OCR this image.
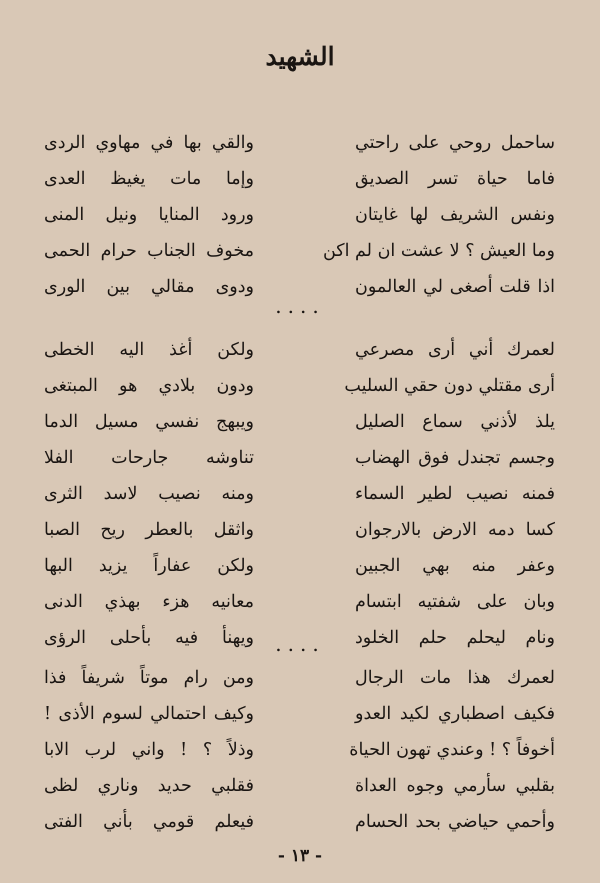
الشهيد
ساحمل روحي على راحتي
والقي بها في مهاوي الردى
فاما حياة تسر الصديق
وإما مات يغيظ العدى
ونفس الشريف لها غايتان
ورود المنايا ونيل المنى
وما العيش ؟ لا عشت ان لم اكن
مخوف الجناب حرام الحمى
اذا قلت أصغى لي العالمون
ودوى مقالي بين الورى
....
لعمرك أني أرى مصرعي
ولكن أغذ اليه الخطى
أرى مقتلي دون حقي السليب
ودون بلادي هو المبتغى
يلذ لأذني سماع الصليل
ويبهج نفسي مسيل الدما
وجسم تجندل فوق الهضاب
تناوشه جارحات الفلا
فمنه نصيب لطير السماء
ومنه نصيب لاسد الثرى
كسا دمه الارض بالارجوان
واثقل بالعطر ريح الصبا
وعفر منه بهي الجبين
ولكن عفاراً يزيد البها
وبان على شفتيه ابتسام
معانيه هزء بهذي الدنى
ونام ليحلم حلم الخلود
ويهنأ فيه بأحلى الرؤى	....
لعمرك هذا مات الرجال
ومن رام موتاً شريفاً فذا
فكيف اصطباري لكيد العدو
وكيف احتمالي لسوم الأذى !
أخوفاً ؟ ! وعندي تهون الحياة
وذلاً ؟ ! واني لرب الابا
بقلبي سأرمي وجوه العداة
فقلبي حديد وناري لظى
وأحمي حياضي بحد الحسام
فيعلم قومي بأني الفتى
- ١٣ -
